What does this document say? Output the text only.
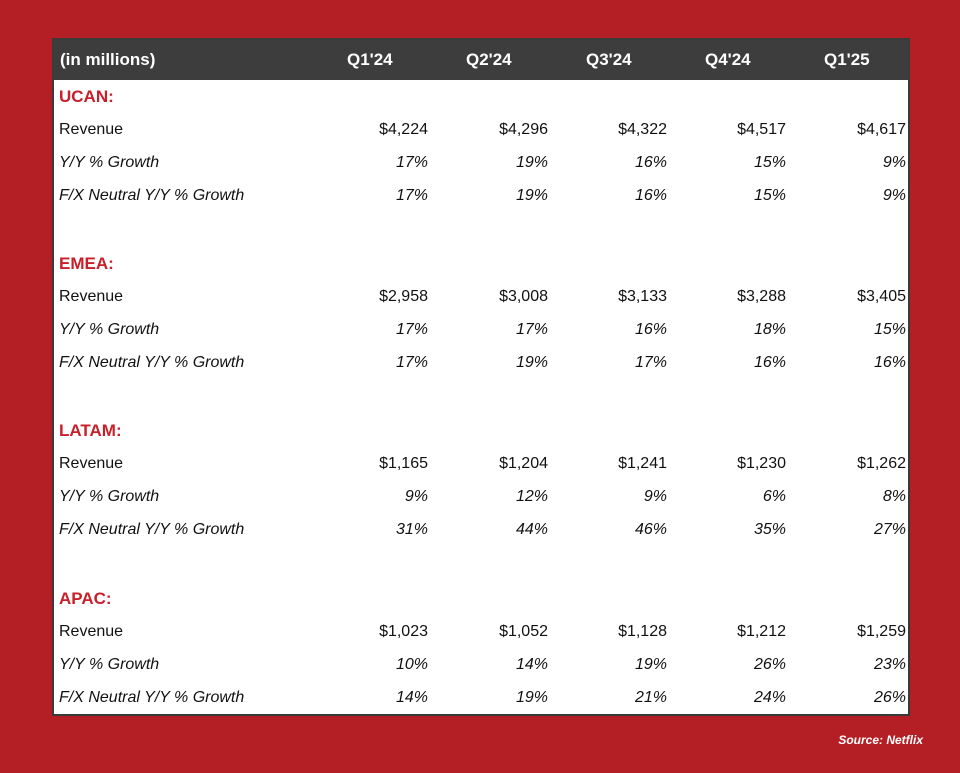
(in millions)	Q1'24	Q2'24	Q3'24	Q4'24	Q1'25
UCAN:
Revenue	$4,224	$4,296	$4,322	$4,517	$4,617
Y/Y % Growth	17%	19%	16%	15%	9%
F/X Neutral Y/Y % Growth	17%	19%	16%	15%	9%
EMEA:
Revenue	$2,958	$3,008	$3,133	$3,288	$3,405
Y/Y % Growth	17%	17%	16%	18%	15%
F/X Neutral Y/Y % Growth	17%	19%	17%	16%	16%
LATAM:
Revenue	$1,165	$1,204	$1,241	$1,230	$1,262
Y/Y % Growth	9%	12%	9%	6%	8%
F/X Neutral Y/Y % Growth	31%	44%	46%	35%	27%
APAC:
Revenue	$1,023	$1,052	$1,128	$1,212	$1,259
Y/Y % Growth	10%	14%	19%	26%	23%
F/X Neutral Y/Y % Growth	14%	19%	21%	24%	26%
Source: Netflix
